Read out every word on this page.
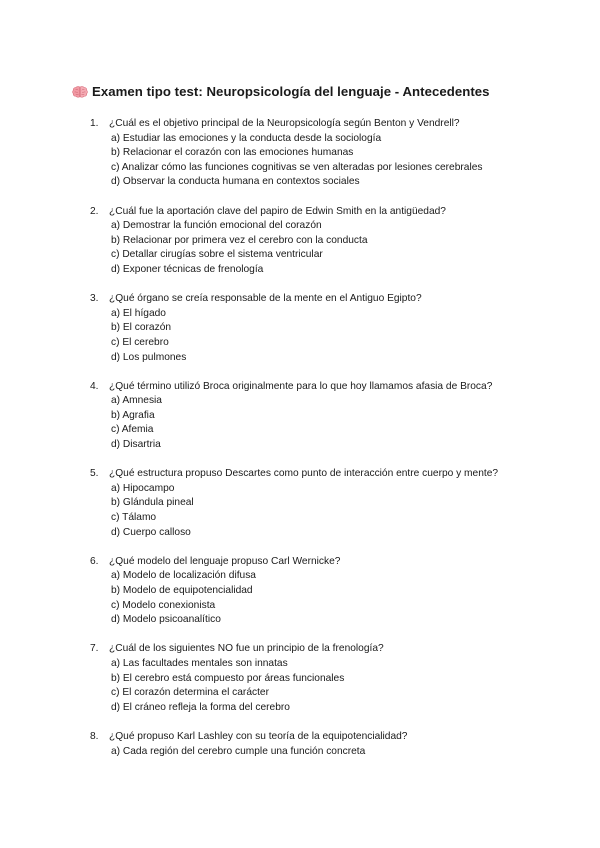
Examen tipo test: Neuropsicología del lenguaje - Antecedentes
1. ¿Cuál es el objetivo principal de la Neuropsicología según Benton y Vendrell?
a) Estudiar las emociones y la conducta desde la sociología
b) Relacionar el corazón con las emociones humanas
c) Analizar cómo las funciones cognitivas se ven alteradas por lesiones cerebrales
d) Observar la conducta humana en contextos sociales
2. ¿Cuál fue la aportación clave del papiro de Edwin Smith en la antigüedad?
a) Demostrar la función emocional del corazón
b) Relacionar por primera vez el cerebro con la conducta
c) Detallar cirugías sobre el sistema ventricular
d) Exponer técnicas de frenología
3. ¿Qué órgano se creía responsable de la mente en el Antiguo Egipto?
a) El hígado
b) El corazón
c) El cerebro
d) Los pulmones
4. ¿Qué término utilizó Broca originalmente para lo que hoy llamamos afasia de Broca?
a) Amnesia
b) Agrafia
c) Afemia
d) Disartria
5. ¿Qué estructura propuso Descartes como punto de interacción entre cuerpo y mente?
a) Hipocampo
b) Glándula pineal
c) Tálamo
d) Cuerpo calloso
6. ¿Qué modelo del lenguaje propuso Carl Wernicke?
a) Modelo de localización difusa
b) Modelo de equipotencialidad
c) Modelo conexionista
d) Modelo psicoanalítico
7. ¿Cuál de los siguientes NO fue un principio de la frenología?
a) Las facultades mentales son innatas
b) El cerebro está compuesto por áreas funcionales
c) El corazón determina el carácter
d) El cráneo refleja la forma del cerebro
8. ¿Qué propuso Karl Lashley con su teoría de la equipotencialidad?
a) Cada región del cerebro cumple una función concreta
